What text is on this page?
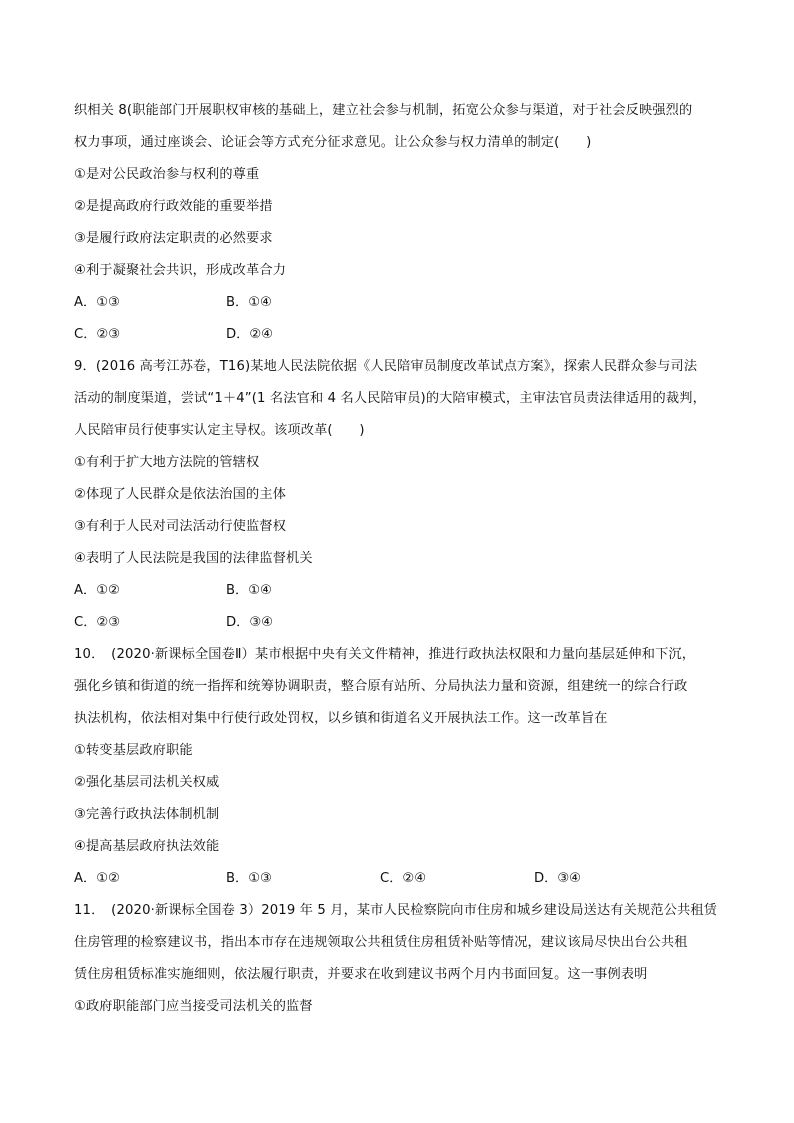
织相关 8(职能部门开展职权审核的基础上，建立社会参与机制，拓宽公众参与渠道，对于社会反映强烈的
权力事项，通过座谈会、论证会等方式充分征求意见。让公众参与权力清单的制定(　　)
①是对公民政治参与权利的尊重
②是提高政府行政效能的重要举措
③是履行政府法定职责的必然要求
④利于凝聚社会共识，形成改革合力
A．①③	B．①④
C．②③	D．②④
9．(2016 高考江苏卷，T16)某地人民法院依据《人民陪审员制度改革试点方案》，探索人民群众参与司法
活动的制度渠道，尝试“1＋4”(1 名法官和 4 名人民陪审员)的大陪审模式，主审法官员责法律适用的裁判，
人民陪审员行使事实认定主导权。该项改革(　　)
①有利于扩大地方法院的管辖权
②体现了人民群众是依法治国的主体
③有利于人民对司法活动行使监督权
④表明了人民法院是我国的法律监督机关
A．①②	B．①④
C．②③	D．③④
10．　(2020·新课标全国卷Ⅱ）某市根据中央有关文件精神，推进行政执法权限和力量向基层延伸和下沉，
强化乡镇和街道的统一指挥和统筹协调职责，整合原有站所、分局执法力量和资源，组建统一的综合行政
执法机构，依法相对集中行使行政处罚权，以乡镇和街道名义开展执法工作。这一改革旨在
①转变基层政府职能
②强化基层司法机关权威
③完善行政执法体制机制
④提高基层政府执法效能
A．①②	B．①③	C．②④	D．③④
11．　(2020·新课标全国卷 3）2019 年 5 月，某市人民检察院向市住房和城乡建设局送达有关规范公共租赁
住房管理的检察建议书，指出本市存在违规领取公共租赁住房租赁补贴等情况，建议该局尽快出台公共租
赁住房租赁标准实施细则，依法履行职责，并要求在收到建议书两个月内书面回复。这一事例表明
①政府职能部门应当接受司法机关的监督
